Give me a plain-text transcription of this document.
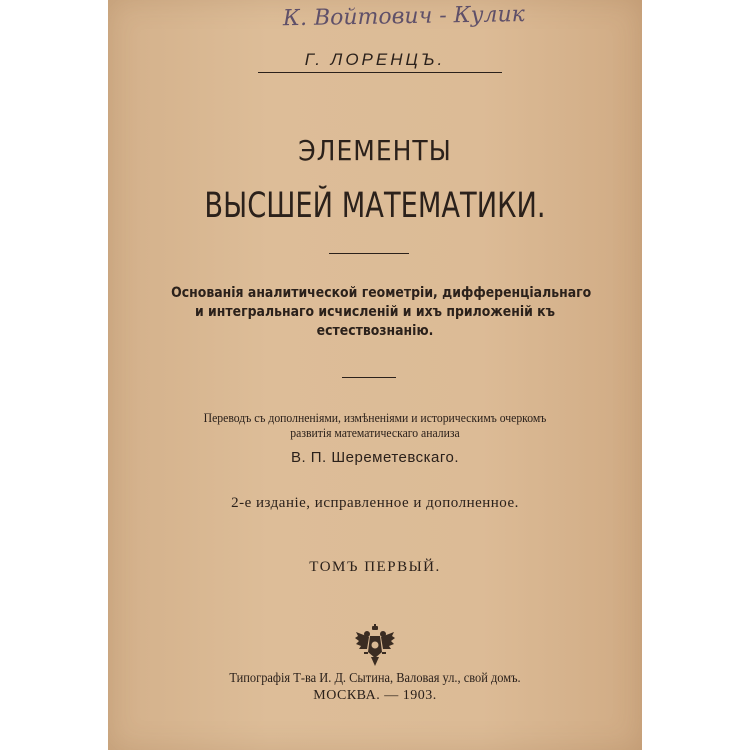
К. Войтович - Кулик
Г. ЛОРЕНЦЪ.
ЭЛЕМЕНТЫ
ВЫСШЕЙ МАТЕМАТИКИ.
Основанія аналитической геометріи, дифференціальнаго
и интегральнаго исчисленій и ихъ приложеній къ
естествознанію.
Переводъ съ дополненіями, измѣненіями и историческимъ очеркомъ
развитія математическаго анализа
В. П. Шереметевскаго.
2-е изданіе, исправленное и дополненное.
ТОМЪ ПЕРВЫЙ.
Типографія Т-ва И. Д. Сытина, Валовая ул., свой домъ.
МОСКВА. — 1903.
